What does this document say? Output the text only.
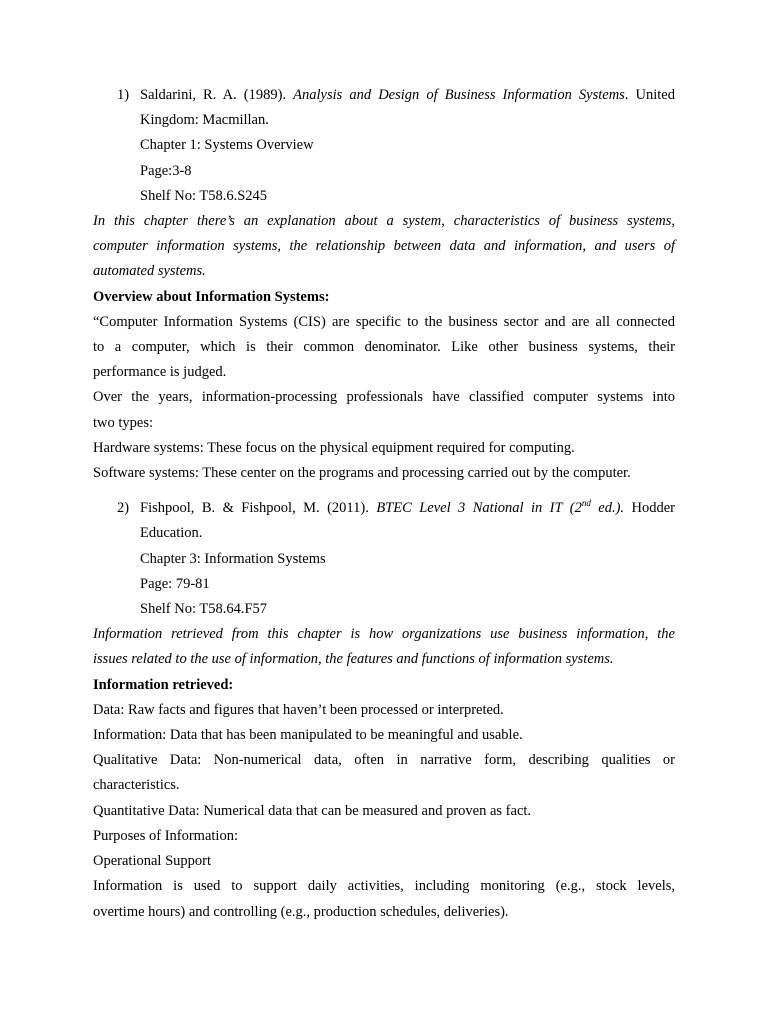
1) Saldarini, R. A. (1989). Analysis and Design of Business Information Systems. United
Kingdom: Macmillan.
Chapter 1: Systems Overview
Page:3-8
Shelf No: T58.6.S245
In this chapter there’s an explanation about a system, characteristics of business systems,
computer information systems, the relationship between data and information, and users of
automated systems.
Overview about Information Systems:
“Computer Information Systems (CIS) are specific to the business sector and are all connected
to a computer, which is their common denominator. Like other business systems, their
performance is judged.
Over the years, information-processing professionals have classified computer systems into
two types:
Hardware systems: These focus on the physical equipment required for computing.
Software systems: These center on the programs and processing carried out by the computer.
2) Fishpool, B. & Fishpool, M. (2011). BTEC Level 3 National in IT (2nd ed.). Hodder
Education.
Chapter 3: Information Systems
Page: 79-81
Shelf No: T58.64.F57
Information retrieved from this chapter is how organizations use business information, the
issues related to the use of information, the features and functions of information systems.
Information retrieved:
Data: Raw facts and figures that haven’t been processed or interpreted.
Information: Data that has been manipulated to be meaningful and usable.
Qualitative Data: Non-numerical data, often in narrative form, describing qualities or
characteristics.
Quantitative Data: Numerical data that can be measured and proven as fact.
Purposes of Information:
Operational Support
Information is used to support daily activities, including monitoring (e.g., stock levels,
overtime hours) and controlling (e.g., production schedules, deliveries).
